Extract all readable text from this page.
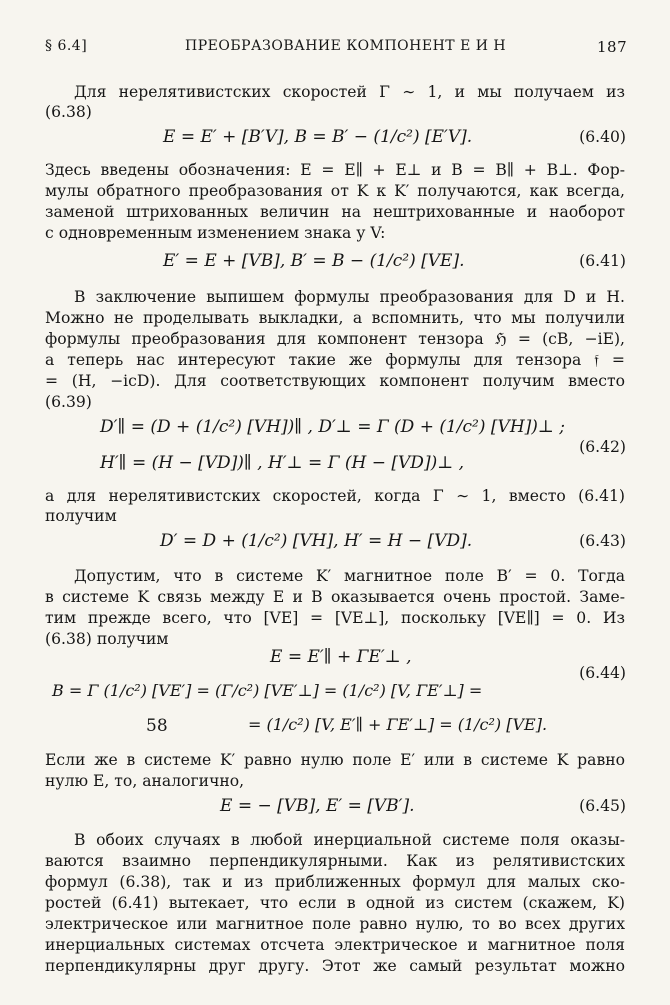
§ 6.4]	ПРЕОБРАЗОВАНИЕ КОМПОНЕНТ E И H	187
Для нерелятивистских скоростей Γ ∼ 1, и мы получаем из
(6.38)
E = E′ + [B′V], B = B′ − (1/c²) [E′V].	(6.40)
Здесь введены обозначения: E = E∥ + E⊥ и B = B∥ + B⊥. Фор-
мулы обратного преобразования от K к K′ получаются, как всегда,
заменой штрихованных величин на нештрихованные и наоборот
с одновременным изменением знака у V:
E′ = E + [VB], B′ = B − (1/c²) [VE].	(6.41)
В заключение выпишем формулы преобразования для D и H.
Можно не проделывать выкладки, а вспомнить, что мы получили
формулы преобразования для компонент тензора ℌ = (cB, −iE),
а теперь нас интересуют такие же формулы для тензора 𝔣 =
= (H, −icD). Для соответствующих компонент получим вместо
(6.39)
D′∥ = (D + (1/c²) [VH])∥ , D′⊥ = Γ (D + (1/c²) [VH])⊥ ;
H′∥ = (H − [VD])∥ , H′⊥ = Γ (H − [VD])⊥ ,
(6.42)
а для нерелятивистских скоростей, когда Γ ∼ 1, вместо (6.41)
получим
D′ = D + (1/c²) [VH], H′ = H − [VD].	(6.43)
Допустим, что в системе K′ магнитное поле B′ = 0. Тогда
в системе K связь между E и B оказывается очень простой. Заме-
тим прежде всего, что [VE] = [VE⊥], поскольку [VE∥] = 0. Из
(6.38) получим
E = E′∥ + ΓE′⊥ ,
B = Γ (1/c²) [VE′] = (Γ/c²) [VE′⊥] = (1/c²) [V, ΓE′⊥] =
= (1/c²) [V, E′∥ + ΓE′⊥] = (1/c²) [VE].
(6.44)
58
Если же в системе K′ равно нулю поле E′ или в системе K равно
нулю E, то, аналогично,
E = − [VB], E′ = [VB′].	(6.45)
В обоих случаях в любой инерциальной системе поля оказы-
ваются взаимно перпендикулярными. Как из релятивистских
формул (6.38), так и из приближенных формул для малых ско-
ростей (6.41) вытекает, что если в одной из систем (скажем, K)
электрическое или магнитное поле равно нулю, то во всех других
инерциальных системах отсчета электрическое и магнитное поля
перпендикулярны друг другу. Этот же самый результат можно
